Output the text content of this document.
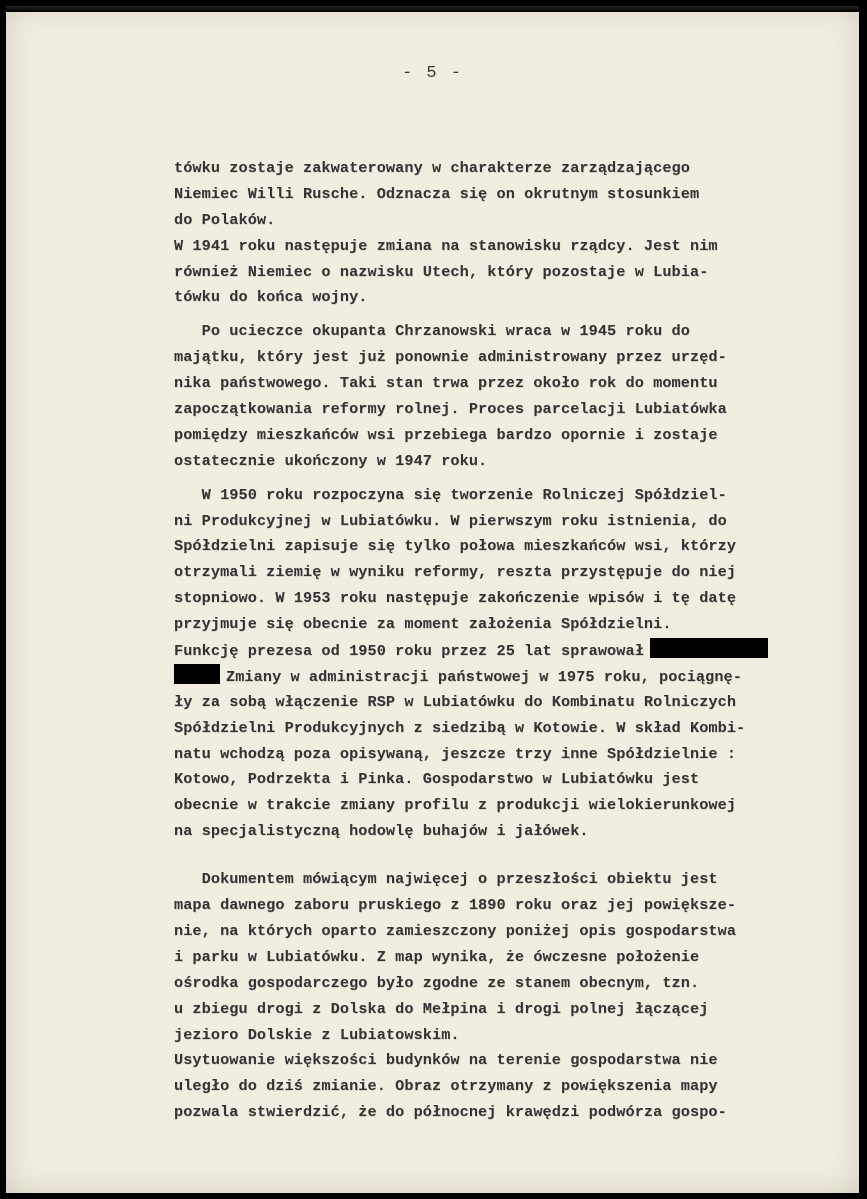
- 5 -
tówku zostaje zakwaterowany w charakterze zarządzającego
Niemiec Willi Rusche. Odznacza się on okrutnym stosunkiem
do Polaków.
W 1941 roku następuje zmiana na stanowisku rządcy. Jest nim
również Niemiec o nazwisku Utech, który pozostaje w Lubia-
tówku do końca wojny.
Po ucieczce okupanta Chrzanowski wraca w 1945 roku do
majątku, który jest już ponownie administrowany przez urzęd-
nika państwowego. Taki stan trwa przez około rok do momentu
zapoczątkowania reformy rolnej. Proces parcelacji Lubiatówka
pomiędzy mieszkańców wsi przebiega bardzo opornie i zostaje
ostatecznie ukończony w 1947 roku.
W 1950 roku rozpoczyna się tworzenie Rolniczej Spółdziel-
ni Produkcyjnej w Lubiatówku. W pierwszym roku istnienia, do
Spółdzielni zapisuje się tylko połowa mieszkańców wsi, którzy
otrzymali ziemię w wyniku reformy, reszta przystępuje do niej
stopniowo. W 1953 roku następuje zakończenie wpisów i tę datę
przyjmuje się obecnie za moment założenia Spółdzielni.
Funkcję prezesa od 1950 roku przez 25 lat sprawował
Zmiany w administracji państwowej w 1975 roku, pociągnę-
ły za sobą włączenie RSP w Lubiatówku do Kombinatu Rolniczych
Spółdzielni Produkcyjnych z siedzibą w Kotowie. W skład Kombi-
natu wchodzą poza opisywaną, jeszcze trzy inne Spółdzielnie :
Kotowo, Podrzekta i Pinka. Gospodarstwo w Lubiatówku jest
obecnie w trakcie zmiany profilu z produkcji wielokierunkowej
na specjalistyczną hodowlę buhajów i jałówek.
Dokumentem mówiącym najwięcej o przeszłości obiektu jest
mapa dawnego zaboru pruskiego z 1890 roku oraz jej powiększe-
nie, na których oparto zamieszczony poniżej opis gospodarstwa
i parku w Lubiatówku. Z map wynika, że ówczesne położenie
ośrodka gospodarczego było zgodne ze stanem obecnym, tzn.
u zbiegu drogi z Dolska do Mełpina i drogi polnej łączącej
jezioro Dolskie z Lubiatowskim.
Usytuowanie większości budynków na terenie gospodarstwa nie
uległo do dziś zmianie. Obraz otrzymany z powiększenia mapy
pozwala stwierdzić, że do północnej krawędzi podwórza gospo-
